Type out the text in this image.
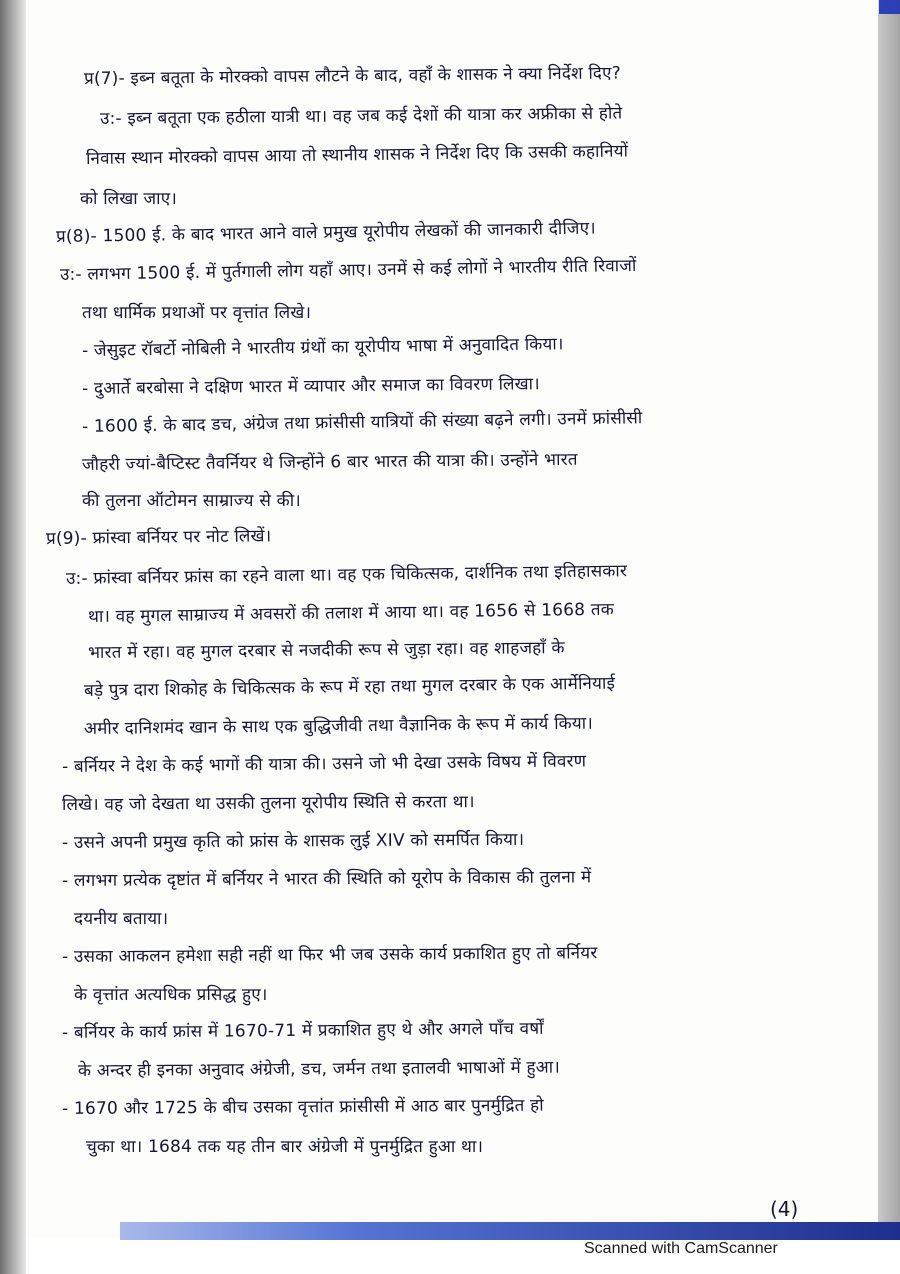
प्र(7)- इब्न बतूता के मोरक्को वापस लौटने के बाद, वहाँ के शासक ने क्या निर्देश दिए?
उ:- इब्न बतूता एक हठीला यात्री था। वह जब कई देशों की यात्रा कर अफ्रीका से होते
निवास स्थान मोरक्को वापस आया तो स्थानीय शासक ने निर्देश दिए कि उसकी कहानियों
को लिखा जाए।
प्र(8)- 1500 ई. के बाद भारत आने वाले प्रमुख यूरोपीय लेखकों की जानकारी दीजिए।
उ:- लगभग 1500 ई. में पुर्तगाली लोग यहाँ आए। उनमें से कई लोगों ने भारतीय रीति रिवाजों
तथा धार्मिक प्रथाओं पर वृत्तांत लिखे।
- जेसुइट रॉबर्टो नोबिली ने भारतीय ग्रंथों का यूरोपीय भाषा में अनुवादित किया।
- दुआर्ते बरबोसा ने दक्षिण भारत में व्यापार और समाज का विवरण लिखा।
- 1600 ई. के बाद डच, अंग्रेज तथा फ्रांसीसी यात्रियों की संख्या बढ़ने लगी। उनमें फ्रांसीसी
जौहरी ज्यां-बैप्टिस्ट तैवर्नियर थे जिन्होंने 6 बार भारत की यात्रा की। उन्होंने भारत
की तुलना ऑटोमन साम्राज्य से की।
प्र(9)- फ्रांस्वा बर्नियर पर नोट लिखें।
उ:- फ्रांस्वा बर्नियर फ्रांस का रहने वाला था। वह एक चिकित्सक, दार्शनिक तथा इतिहासकार
था। वह मुगल साम्राज्य में अवसरों की तलाश में आया था। वह 1656 से 1668 तक
भारत में रहा। वह मुगल दरबार से नजदीकी रूप से जुड़ा रहा। वह शाहजहाँ के
बड़े पुत्र दारा शिकोह के चिकित्सक के रूप में रहा तथा मुगल दरबार के एक आर्मेनियाई
अमीर दानिशमंद खान के साथ एक बुद्धिजीवी तथा वैज्ञानिक के रूप में कार्य किया।
- बर्नियर ने देश के कई भागों की यात्रा की। उसने जो भी देखा उसके विषय में विवरण
लिखे। वह जो देखता था उसकी तुलना यूरोपीय स्थिति से करता था।
- उसने अपनी प्रमुख कृति को फ्रांस के शासक लुई XIV को समर्पित किया।
- लगभग प्रत्येक दृष्टांत में बर्नियर ने भारत की स्थिति को यूरोप के विकास की तुलना में
दयनीय बताया।
- उसका आकलन हमेशा सही नहीं था फिर भी जब उसके कार्य प्रकाशित हुए तो बर्नियर
के वृत्तांत अत्यधिक प्रसिद्ध हुए।
- बर्नियर के कार्य फ्रांस में 1670-71 में प्रकाशित हुए थे और अगले पाँच वर्षों
के अन्दर ही इनका अनुवाद अंग्रेजी, डच, जर्मन तथा इतालवी भाषाओं में हुआ।
- 1670 और 1725 के बीच उसका वृत्तांत फ्रांसीसी में आठ बार पुनर्मुद्रित हो
चुका था। 1684 तक यह तीन बार अंग्रेजी में पुनर्मुद्रित हुआ था।
(4)
Scanned with CamScanner
